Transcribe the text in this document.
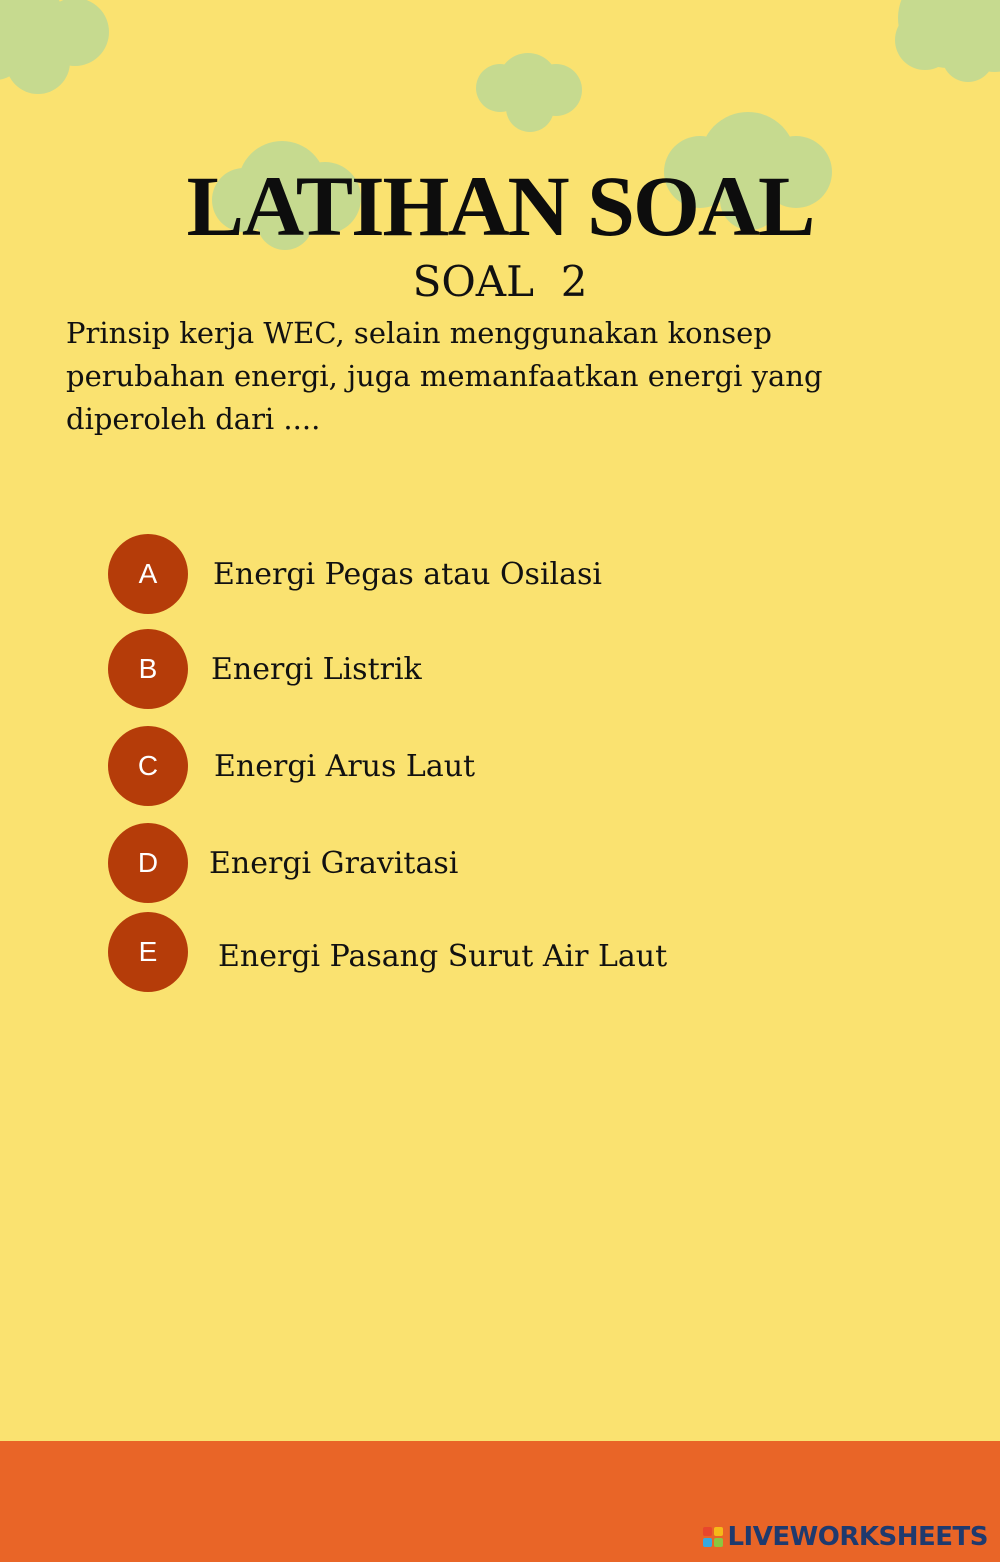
LATIHAN SOAL
SOAL  2

Prinsip kerja WEC, selain menggunakan konsep perubahan energi, juga memanfaatkan energi yang diperoleh dari ....

A	Energi Pegas atau Osilasi
B	Energi Listrik
C	Energi Arus Laut
D	Energi Gravitasi
E	Energi Pasang Surut Air Laut
LIVEWORKSHEETS
